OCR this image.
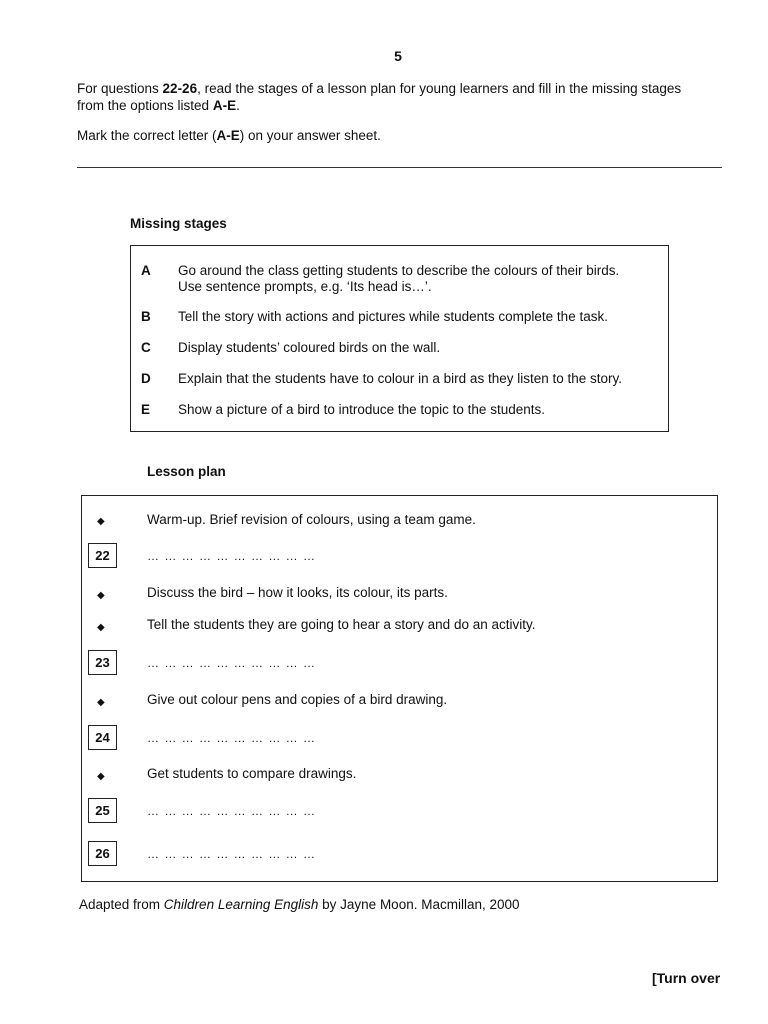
5
For questions 22-26, read the stages of a lesson plan for young learners and fill in the missing stages
from the options listed A-E.
Mark the correct letter (A-E) on your answer sheet.
Missing stages
A Go around the class getting students to describe the colours of their birds.
Use sentence prompts, e.g. ‘Its head is…’.
B Tell the story with actions and pictures while students complete the task.
C Display students’ coloured birds on the wall.
D Explain that the students have to colour in a bird as they listen to the story.
E Show a picture of a bird to introduce the topic to the students.
Lesson plan
◆	Warm-up. Brief revision of colours, using a team game.
22	… … … … … … … … … …
◆	Discuss the bird – how it looks, its colour, its parts.
◆	Tell the students they are going to hear a story and do an activity.
23	… … … … … … … … … …
◆	Give out colour pens and copies of a bird drawing.
24	… … … … … … … … … …
◆	Get students to compare drawings.
25	… … … … … … … … … …
26	… … … … … … … … … …
Adapted from Children Learning English by Jayne Moon. Macmillan, 2000
[Turn over
